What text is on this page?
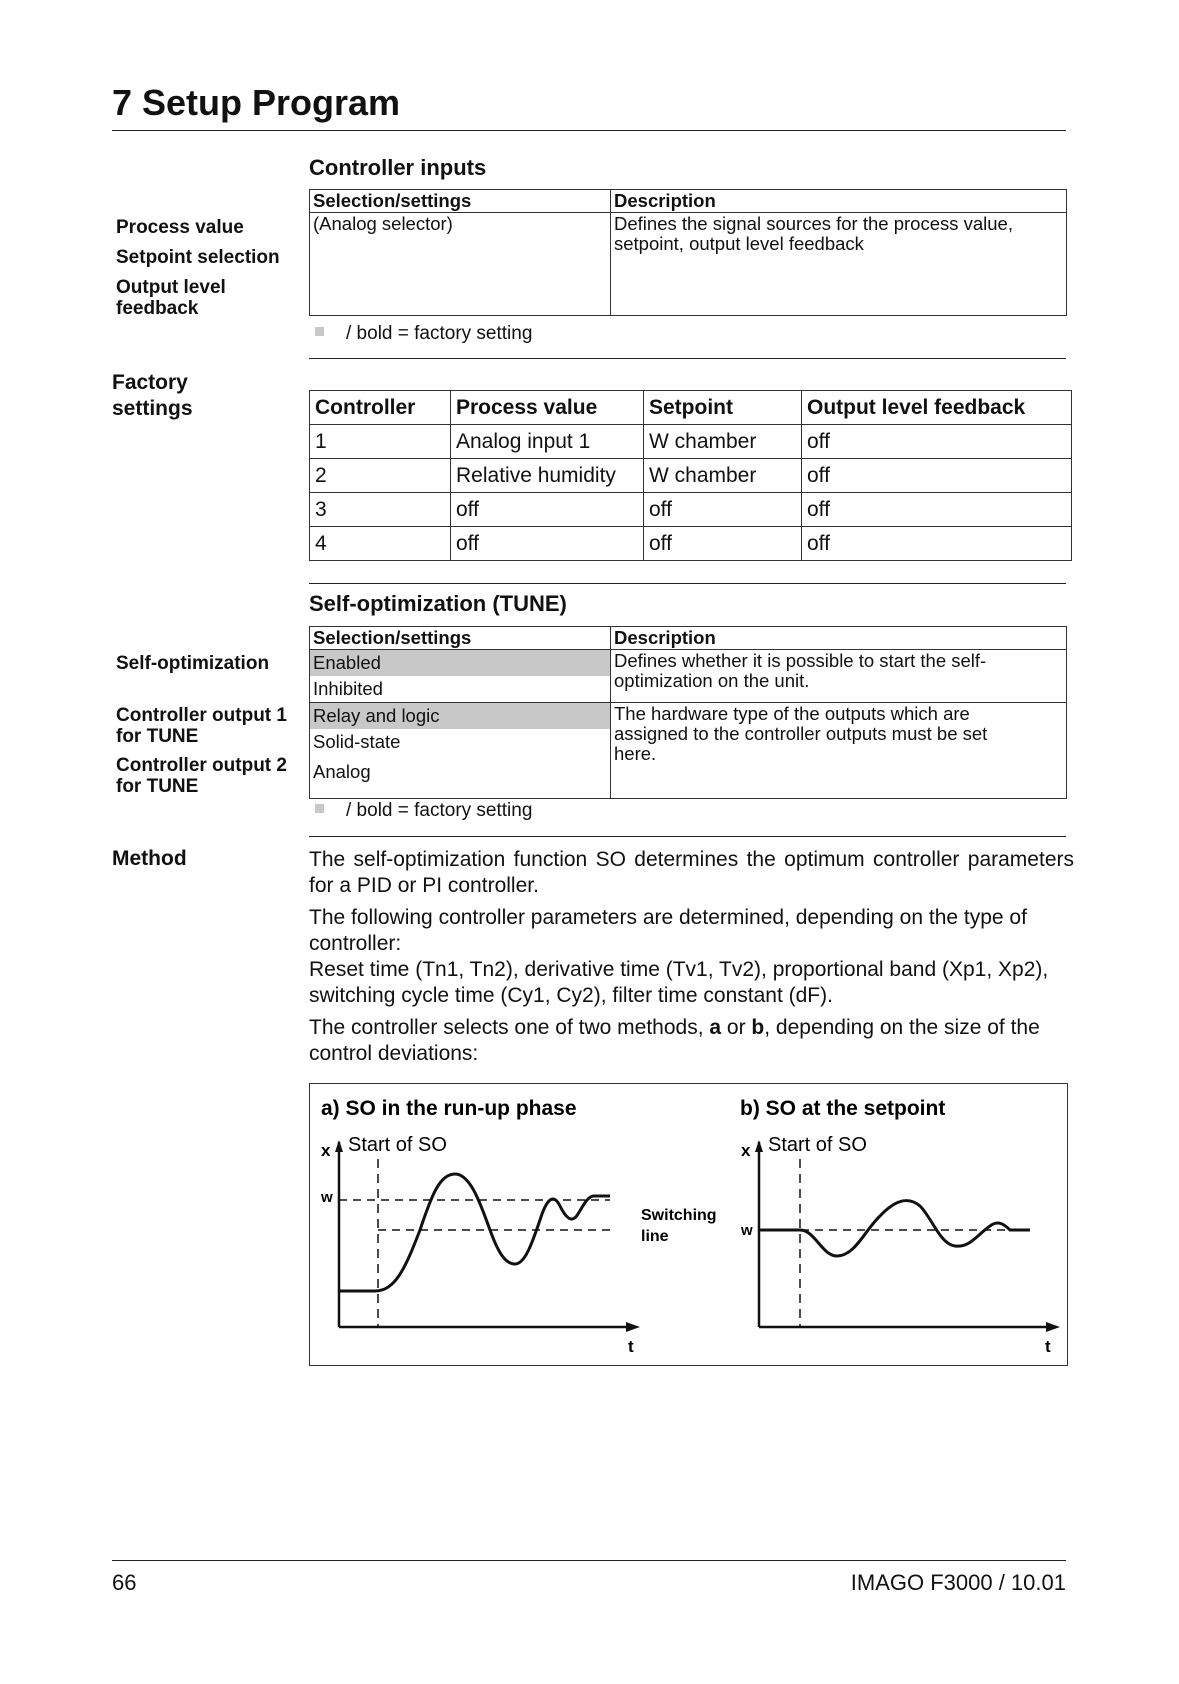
7 Setup Program
Controller inputs
Process value
Setpoint selection
Output level feedback
Selection/settings	Description
(Analog selector)	Defines the signal sources for the process value, setpoint, output level feedback
/ bold = factory setting
Factory settings	Controller	Process value	Setpoint	Output level feedback
1	Analog input 1	W chamber	off
2	Relative humidity	W chamber	off
3	off	off	off
4	off	off	off
Self-optimization (TUNE)
Self-optimization
Controller output 1 for TUNE
Controller output 2 for TUNE
Selection/settings	Description

Enabled
Inhibited	Defines whether it is possible to start the self-optimization on the unit.

Relay and logic
Solid-state
Analog	The hardware type of the outputs which are assigned to the controller outputs must be set here.
/ bold = factory setting
Method	The self-optimization function SO determines the optimum controller parameters for a PID or PI controller.
The following controller parameters are determined, depending on the type of controller:
Reset time (Tn1, Tn2), derivative time (Tv1, Tv2), proportional band (Xp1, Xp2), switching cycle time (Cy1, Cy2), filter time constant (dF).
The controller selects one of two methods, a or b, depending on the size of the control deviations:
a) SO in the run-up phase	b) SO at the setpoint
x Start of SO
t
w
Switching
line
x Start of SO
t
w
66	IMAGO F3000 / 10.01
